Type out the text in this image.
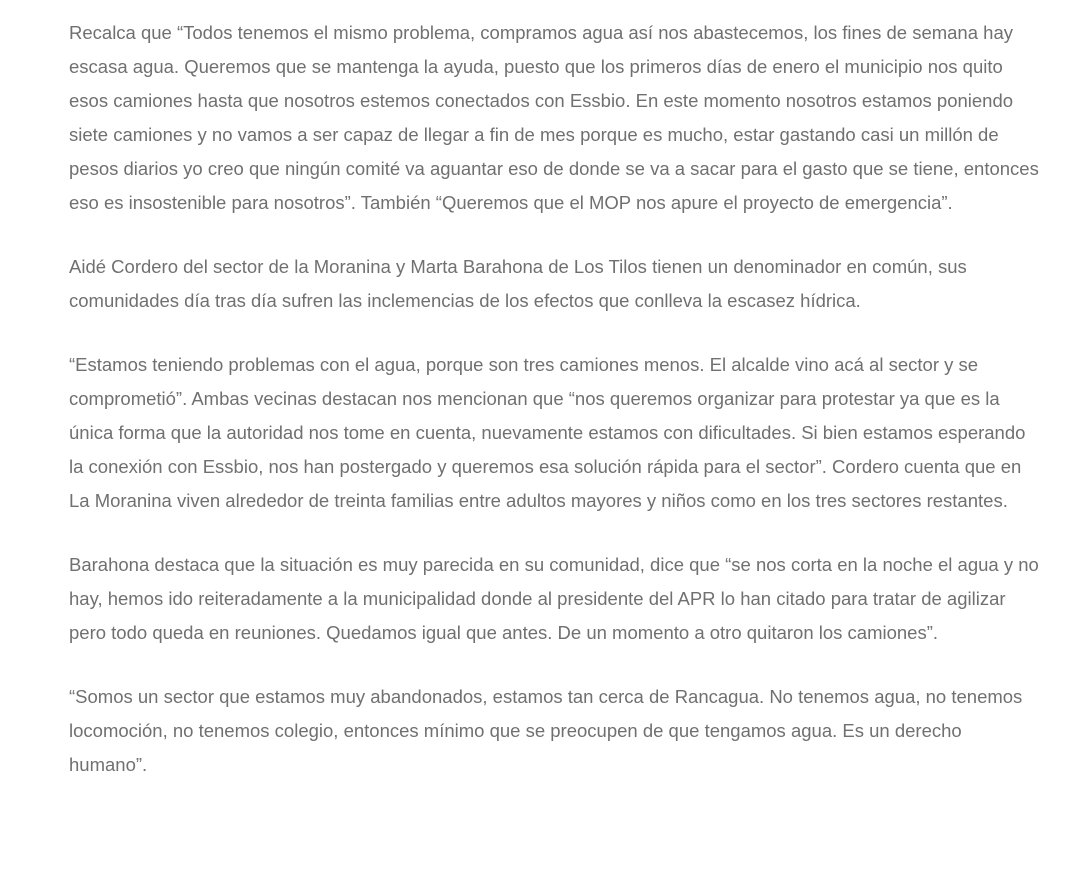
Recalca que “Todos tenemos el mismo problema, compramos agua así nos abastecemos, los fines de semana hay escasa agua. Queremos que se mantenga la ayuda, puesto que los primeros días de enero el municipio nos quito esos camiones hasta que nosotros estemos conectados con Essbio. En este momento nosotros estamos poniendo siete camiones y no vamos a ser capaz de llegar a fin de mes porque es mucho, estar gastando casi un millón de pesos diarios yo creo que ningún comité va aguantar eso de donde se va a sacar para el gasto que se tiene, entonces eso es insostenible para nosotros”. También “Queremos que el MOP nos apure el proyecto de emergencia”.

Aidé Cordero del sector de la Moranina y Marta Barahona de Los Tilos tienen un denominador en común, sus comunidades día tras día sufren las inclemencias de los efectos que conlleva la escasez hídrica.

“Estamos teniendo problemas con el agua, porque son tres camiones menos. El alcalde vino acá al sector y se comprometió”. Ambas vecinas destacan nos mencionan que “nos queremos organizar para protestar ya que es la única forma que la autoridad nos tome en cuenta, nuevamente estamos con dificultades. Si bien estamos esperando la conexión con Essbio, nos han postergado y queremos esa solución rápida para el sector”. Cordero cuenta que en La Moranina viven alrededor de treinta familias entre adultos mayores y niños como en los tres sectores restantes.

Barahona destaca que la situación es muy parecida en su comunidad, dice que “se nos corta en la noche el agua y no hay, hemos ido reiteradamente a la municipalidad donde al presidente del APR lo han citado para tratar de agilizar pero todo queda en reuniones. Quedamos igual que antes. De un momento a otro quitaron los camiones”.

“Somos un sector que estamos muy abandonados, estamos tan cerca de Rancagua. No tenemos agua, no tenemos locomoción, no tenemos colegio, entonces mínimo que se preocupen de que tengamos agua. Es un derecho humano”.
